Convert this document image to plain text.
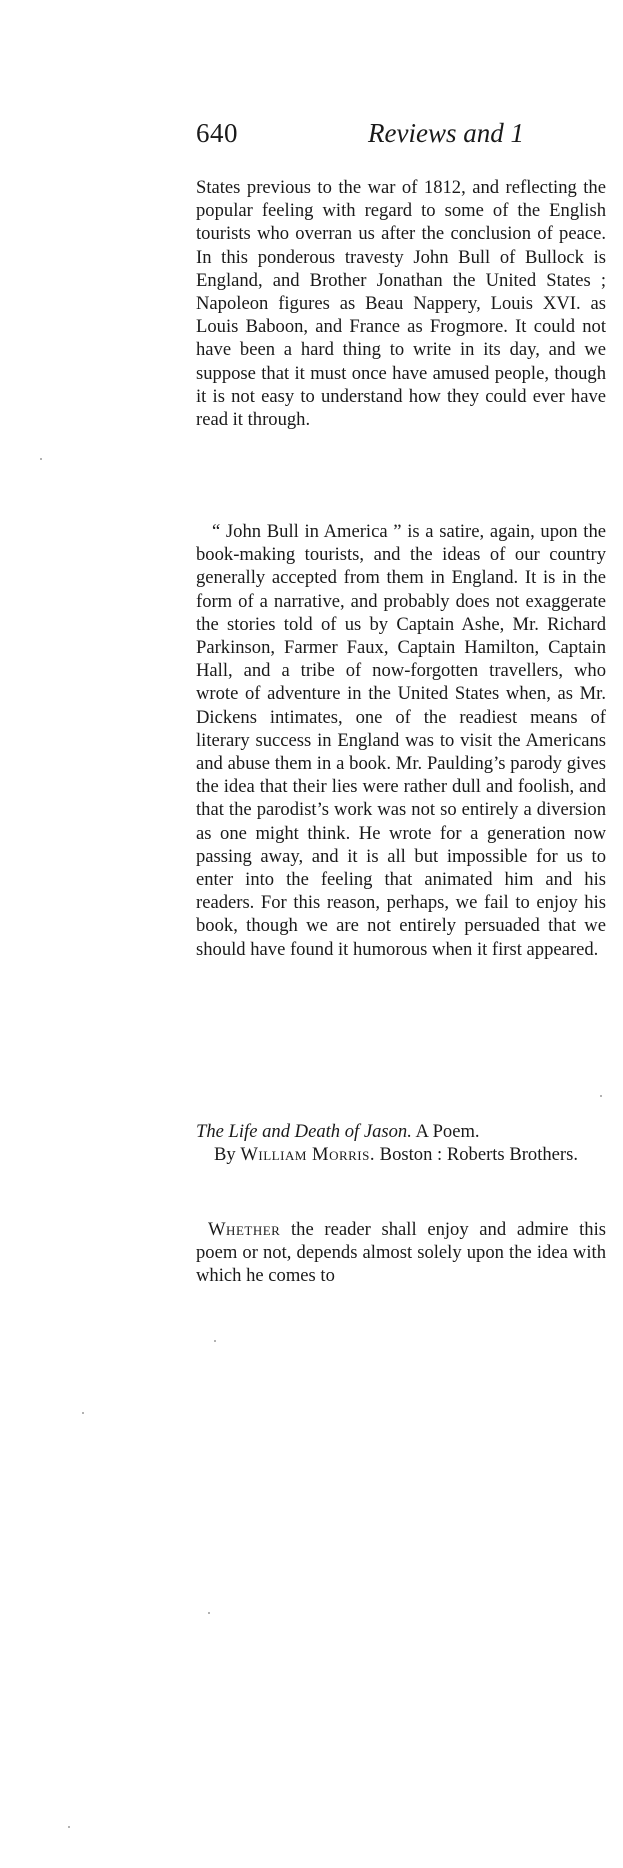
640	Reviews and 1

States previous to the war of 1812, and reflecting the popular feeling with regard to some of the English tourists who overran us after the conclusion of peace. In this ponderous travesty John Bull of Bullock is England, and Brother Jonathan the United States ; Napoleon figures as Beau Nappery, Louis XVI. as Louis Baboon, and France as Frogmore. It could not have been a hard thing to write in its day, and we suppose that it must once have amused people, though it is not easy to understand how they could ever have read it through.

“ John Bull in America ” is a satire, again, upon the book-making tourists, and the ideas of our country generally accepted from them in England. It is in the form of a narrative, and probably does not exaggerate the stories told of us by Captain Ashe, Mr. Richard Parkinson, Farmer Faux, Captain Hamilton, Captain Hall, and a tribe of now-forgotten travellers, who wrote of adventure in the United States when, as Mr. Dickens intimates, one of the readiest means of literary success in England was to visit the Americans and abuse them in a book. Mr. Paulding’s parody gives the idea that their lies were rather dull and foolish, and that the parodist’s work was not so entirely a diversion as one might think. He wrote for a generation now passing away, and it is all but impossible for us to enter into the feeling that animated him and his readers. For this reason, perhaps, we fail to enjoy his book, though we are not entirely persuaded that we should have found it humorous when it first appeared.

The Life and Death of Jason. A Poem.
By William Morris. Boston : Roberts Brothers.

Whether the reader shall enjoy and admire this poem or not, depends almost solely upon the idea with which he comes to
